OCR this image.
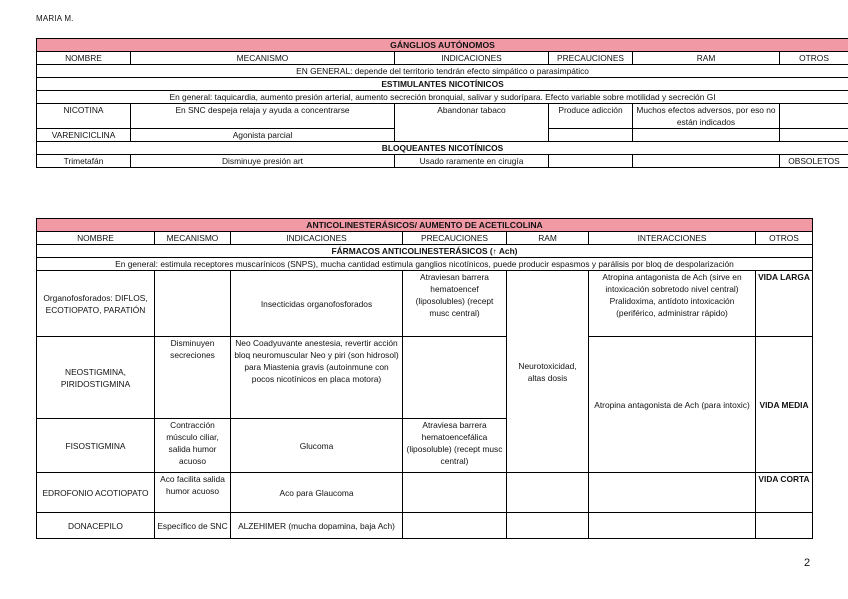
MARIA M.
GÁNGLIOS AUTÓNOMOS					
NOMBRE	MECANISMO	INDICACIONES	PRECAUCIONES	RAM	OTROS
EN GENERAL: depende del territorio tendrán efecto simpático o parasimpático					
ESTIMULANTES NICOTÍNICOS					
En general: taquicardia, aumento presión arterial, aumento secreción bronquial, salivar y sudorípara. Efecto variable sobre motilidad y secreción GI					
NICOTINA	En SNC despeja relaja y ayuda a concentrarse	Abandonar tabaco	Produce adicción	Muchos efectos adversos, por eso no están indicados	

VARENICICLINA	Agonista parcial				
BLOQUEANTES NICOTÍNICOS					
Trimetafán	Disminuye presión art	Usado raramente en cirugía			OBSOLETOS
ANTICOLINESTERÁSICOS/ AUMENTO DE ACETILCOLINA						
NOMBRE	MECANISMO	INDICACIONES	PRECAUCIONES	RAM	INTERACCIONES	OTROS
FÁRMACOS ANTICOLINESTERÁSICOS (↑ Ach)						
En general: estimula receptores muscarínicos (SNPS), mucha cantidad estimula ganglios nicotínicos, puede producir espasmos y parálisis por bloq de despolarización						
Organofosforados: DIFLOS, ECOTIOPATO, PARATIÓN		Insecticidas organofosforados	Atraviesan barrera hematoencef (liposolubles) (recept musc central)	Neurotoxicidad, altas dosis	Atropina antagonista de Ach (sirve en intoxicación sobretodo nivel central) Pralidoxima, antídoto intoxicación (periférico, administrar rápido)	VIDA LARGA
NEOSTIGMINA, PIRIDOSTIGMINA	Disminuyen secreciones	Neo Coadyuvante anestesia, revertir acción bloq neuromuscular Neo y piri (son hidrosol) para Miastenia gravis (autoinmune con pocos nicotínicos en placa motora)			Atropina antagonista de Ach (para intoxic)	VIDA MEDIA
FISOSTIGMINA	Contracción músculo ciliar, salida humor acuoso	Glucoma	Atraviesa barrera hematoencefálica (liposoluble) (recept musc central)			
EDROFONIO ACOTIOPATO	Aco facilita salida humor acuoso	Aco para Glaucoma				VIDA CORTA
DONACEPILO	Específico de SNC	ALZEHIMER (mucha dopamina, baja Ach)				
2
